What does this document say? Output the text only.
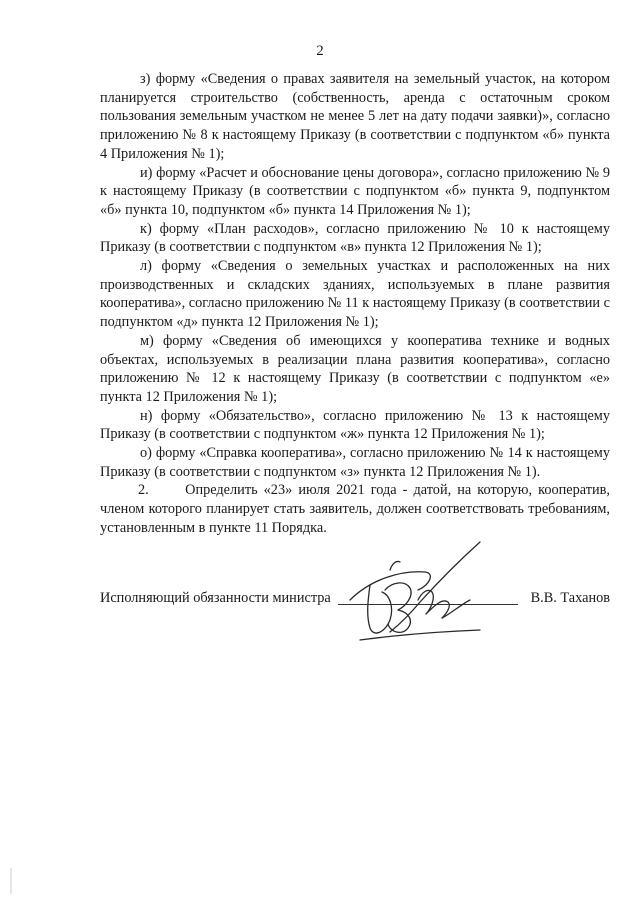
2

з) форму «Сведения о правах заявителя на земельный участок, на котором планируется строительство (собственность, аренда с остаточным сроком пользования земельным участком не менее 5 лет на дату подачи заявки)», согласно приложению № 8 к настоящему Приказу (в соответствии с подпунктом «б» пункта 4 Приложения № 1);

и) форму «Расчет и обоснование цены договора», согласно приложению № 9 к настоящему Приказу (в соответствии с подпунктом «б» пункта 9, подпунктом «б» пункта 10, подпунктом «б» пункта 14 Приложения № 1);

к) форму «План расходов», согласно приложению № 10 к настоящему Приказу (в соответствии с подпунктом «в» пункта 12 Приложения № 1);

л) форму «Сведения о земельных участках и расположенных на них производственных и складских зданиях, используемых в плане развития кооператива», согласно приложению № 11 к настоящему Приказу (в соответствии с подпунктом «д» пункта 12 Приложения № 1);

м) форму «Сведения об имеющихся у кооператива технике и водных объектах, используемых в реализации плана развития кооператива», согласно приложению № 12 к настоящему Приказу (в соответствии с подпунктом «е» пункта 12 Приложения № 1);

н) форму «Обязательство», согласно приложению № 13 к настоящему Приказу (в соответствии с подпунктом «ж» пункта 12 Приложения № 1);

о) форму «Справка кооператива», согласно приложению № 14 к настоящему Приказу (в соответствии с подпунктом «з» пункта 12 Приложения № 1).

2.      Определить «23» июля 2021 года - датой, на которую, кооператив, членом которого планирует стать заявитель, должен соответствовать требованиям, установленным в пункте 11 Порядка.

Исполняющий обязанности министра	В.В. Таханов
